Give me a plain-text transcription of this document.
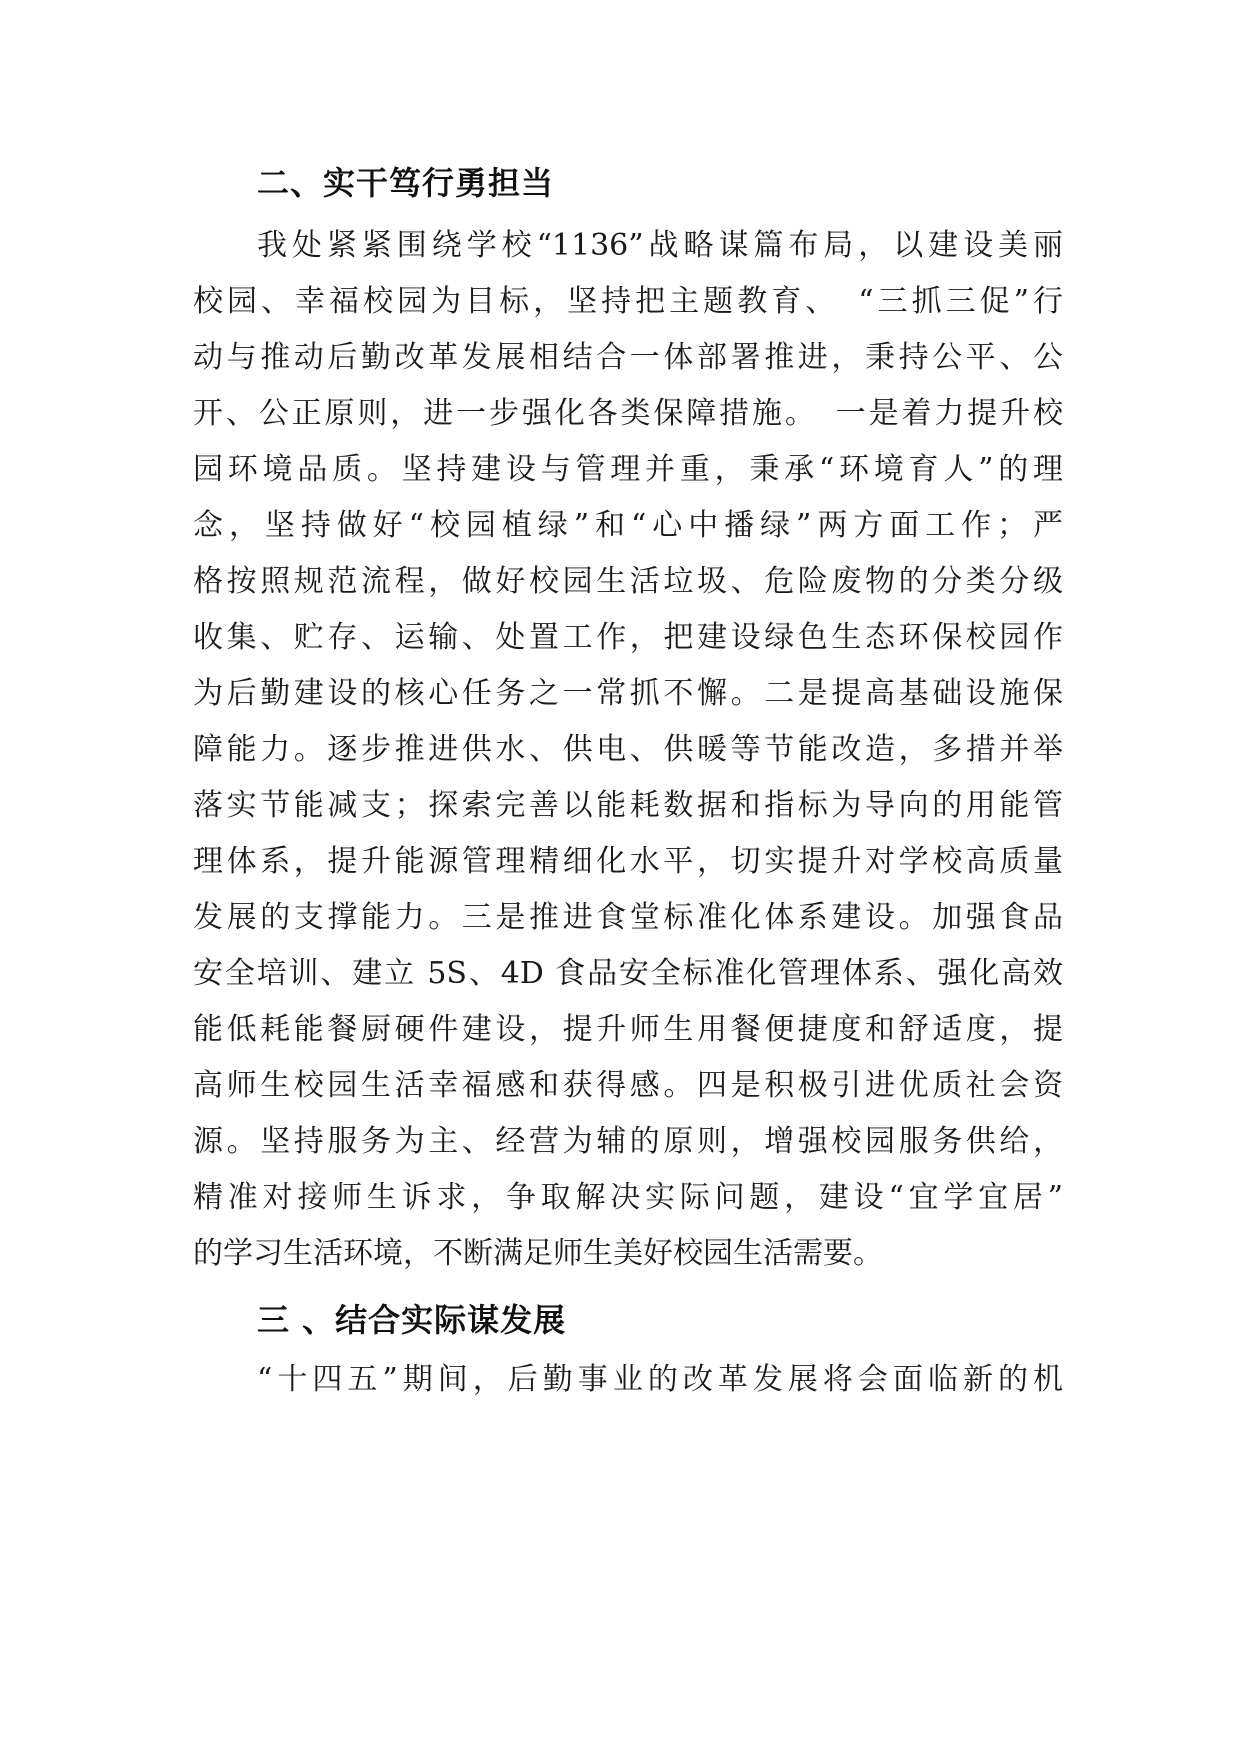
二、实干笃行勇担当
我处紧紧围绕学校“1136”战略谋篇布局，以建设美丽
校园、幸福校园为目标，坚持把主题教育、　“三抓三促”行
动与推动后勤改革发展相结合一体部署推进，秉持公平、公
开、公正原则，进一步强化各类保障措施。　一是着力提升校
园环境品质。坚持建设与管理并重，秉承“环境育人”的理
念，坚持做好“校园植绿”和“心中播绿”两方面工作；严
格按照规范流程，做好校园生活垃圾、危险废物的分类分级
收集、贮存、运输、处置工作，把建设绿色生态环保校园作
为后勤建设的核心任务之一常抓不懈。二是提高基础设施保
障能力。逐步推进供水、供电、供暖等节能改造，多措并举
落实节能减支；探索完善以能耗数据和指标为导向的用能管
理体系，提升能源管理精细化水平，切实提升对学校高质量
发展的支撑能力。三是推进食堂标准化体系建设。加强食品
安全培训、建立 5S、4D 食品安全标准化管理体系、强化高效
能低耗能餐厨硬件建设，提升师生用餐便捷度和舒适度，提
高师生校园生活幸福感和获得感。四是积极引进优质社会资
源。坚持服务为主、经营为辅的原则，增强校园服务供给，
精准对接师生诉求，争取解决实际问题，建设“宜学宜居”
的学习生活环境，不断满足师生美好校园生活需要。
三 、结合实际谋发展
“十四五”期间，后勤事业的改革发展将会面临新的机
